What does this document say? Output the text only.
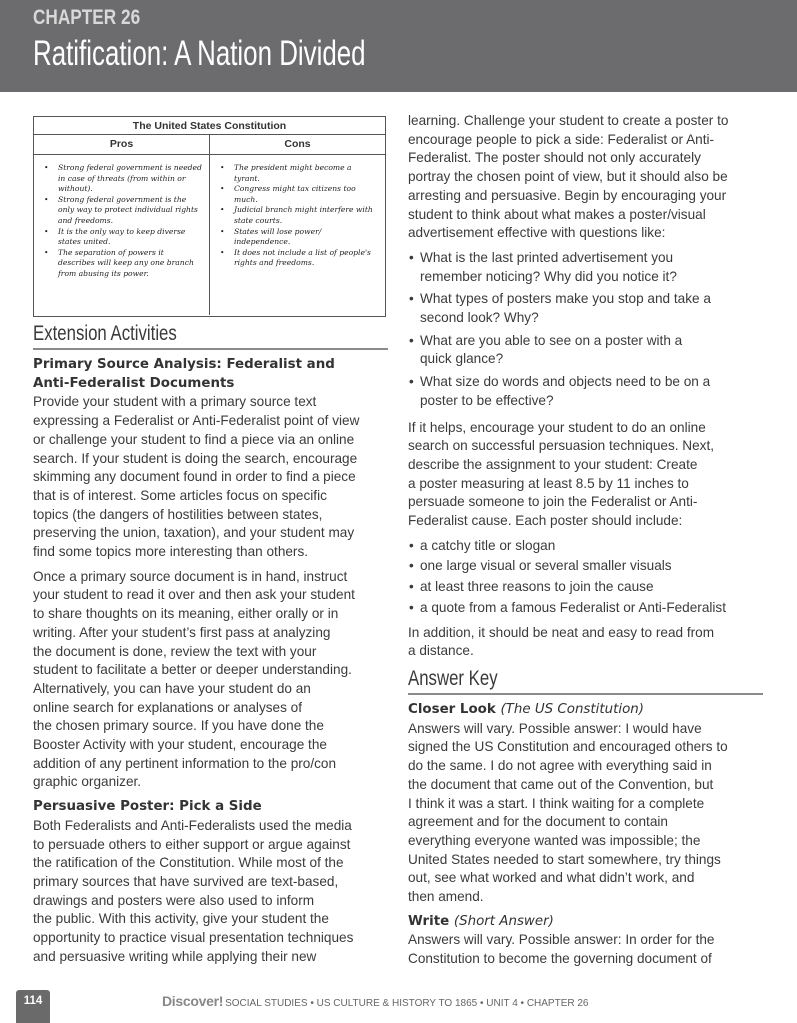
CHAPTER 26
Ratification: A Nation Divided
The United States Constitution
Pros	Cons
• Strong federal government is needed in case of threats (from within or without).
• Strong federal government is the only way to protect individual rights and freedoms.
• It is the only way to keep diverse states united.
• The separation of powers it describes will keep any one branch from abusing its power.
• The president might become a tyrant.
• Congress might tax citizens too much.
• Judicial branch might interfere with state courts.
• States will lose power/ independence.
• It does not include a list of people's rights and freedoms.
Extension Activities
Primary Source Analysis: Federalist and
Anti-Federalist Documents
Provide your student with a primary source text
expressing a Federalist or Anti-Federalist point of view
or challenge your student to find a piece via an online
search. If your student is doing the search, encourage
skimming any document found in order to find a piece
that is of interest. Some articles focus on specific
topics (the dangers of hostilities between states,
preserving the union, taxation), and your student may
find some topics more interesting than others.
Once a primary source document is in hand, instruct
your student to read it over and then ask your student
to share thoughts on its meaning, either orally or in
writing. After your student’s first pass at analyzing
the document is done, review the text with your
student to facilitate a better or deeper understanding.
Alternatively, you can have your student do an
online search for explanations or analyses of
the chosen primary source. If you have done the
Booster Activity with your student, encourage the
addition of any pertinent information to the pro/con
graphic organizer.
Persuasive Poster: Pick a Side
Both Federalists and Anti-Federalists used the media
to persuade others to either support or argue against
the ratification of the Constitution. While most of the
primary sources that have survived are text-based,
drawings and posters were also used to inform
the public. With this activity, give your student the
opportunity to practice visual presentation techniques
and persuasive writing while applying their new
learning. Challenge your student to create a poster to
encourage people to pick a side: Federalist or Anti-
Federalist. The poster should not only accurately
portray the chosen point of view, but it should also be
arresting and persuasive. Begin by encouraging your
student to think about what makes a poster/visual
advertisement effective with questions like:
• What is the last printed advertisement you
remember noticing? Why did you notice it?
• What types of posters make you stop and take a
second look? Why?
• What are you able to see on a poster with a
quick glance?
• What size do words and objects need to be on a
poster to be effective?
If it helps, encourage your student to do an online
search on successful persuasion techniques. Next,
describe the assignment to your student: Create
a poster measuring at least 8.5 by 11 inches to
persuade someone to join the Federalist or Anti-
Federalist cause. Each poster should include:
• a catchy title or slogan
• one large visual or several smaller visuals
• at least three reasons to join the cause
• a quote from a famous Federalist or Anti-Federalist
In addition, it should be neat and easy to read from
a distance.
Answer Key
Closer Look (The US Constitution)
Answers will vary. Possible answer: I would have
signed the US Constitution and encouraged others to
do the same. I do not agree with everything said in
the document that came out of the Convention, but
I think it was a start. I think waiting for a complete
agreement and for the document to contain
everything everyone wanted was impossible; the
United States needed to start somewhere, try things
out, see what worked and what didn’t work, and
then amend.
Write (Short Answer)
Answers will vary. Possible answer: In order for the
Constitution to become the governing document of
114	Discover! SOCIAL STUDIES • US CULTURE & HISTORY TO 1865 • UNIT 4 • CHAPTER 26
